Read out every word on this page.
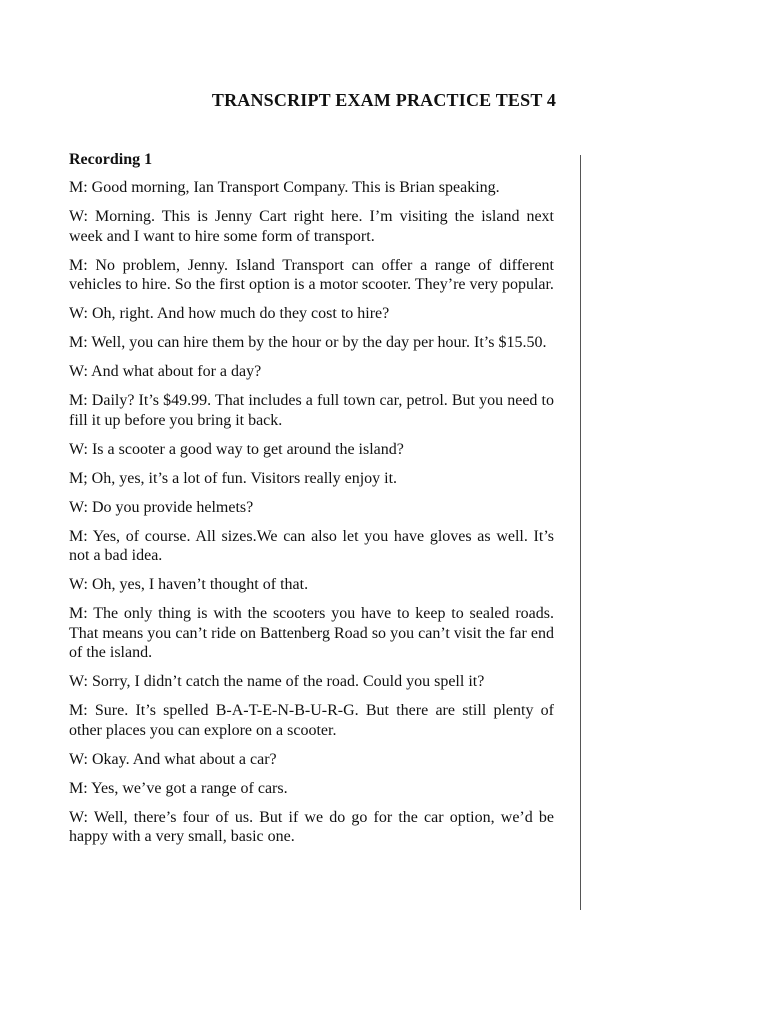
TRANSCRIPT EXAM PRACTICE TEST 4
Recording 1

M: Good morning, Ian Transport Company. This is Brian speaking.

W: Morning. This is Jenny Cart right here. I’m visiting the island next week and I want to hire some form of transport.

M: No problem, Jenny. Island Transport can offer a range of different vehicles to hire. So the first option is a motor scooter. They’re very popular.

W: Oh, right. And how much do they cost to hire?

M: Well, you can hire them by the hour or by the day per hour. It’s $15.50.

W: And what about for a day?

M: Daily? It’s $49.99. That includes a full town car, petrol. But you need to fill it up before you bring it back.

W: Is a scooter a good way to get around the island?

M; Oh, yes, it’s a lot of fun. Visitors really enjoy it.

W: Do you provide helmets?

M: Yes, of course. All sizes.We can also let you have gloves as well. It’s not a bad idea.

W: Oh, yes, I haven’t thought of that.

M: The only thing is with the scooters you have to keep to sealed roads. That means you can’t ride on Battenberg Road so you can’t visit the far end of the island.

W: Sorry, I didn’t catch the name of the road. Could you spell it?

M: Sure. It’s spelled B-A-T-E-N-B-U-R-G. But there are still plenty of other places you can explore on a scooter.

W: Okay. And what about a car?

M: Yes, we’ve got a range of cars.

W: Well, there’s four of us. But if we do go for the car option, we’d be happy with a very small, basic one.
